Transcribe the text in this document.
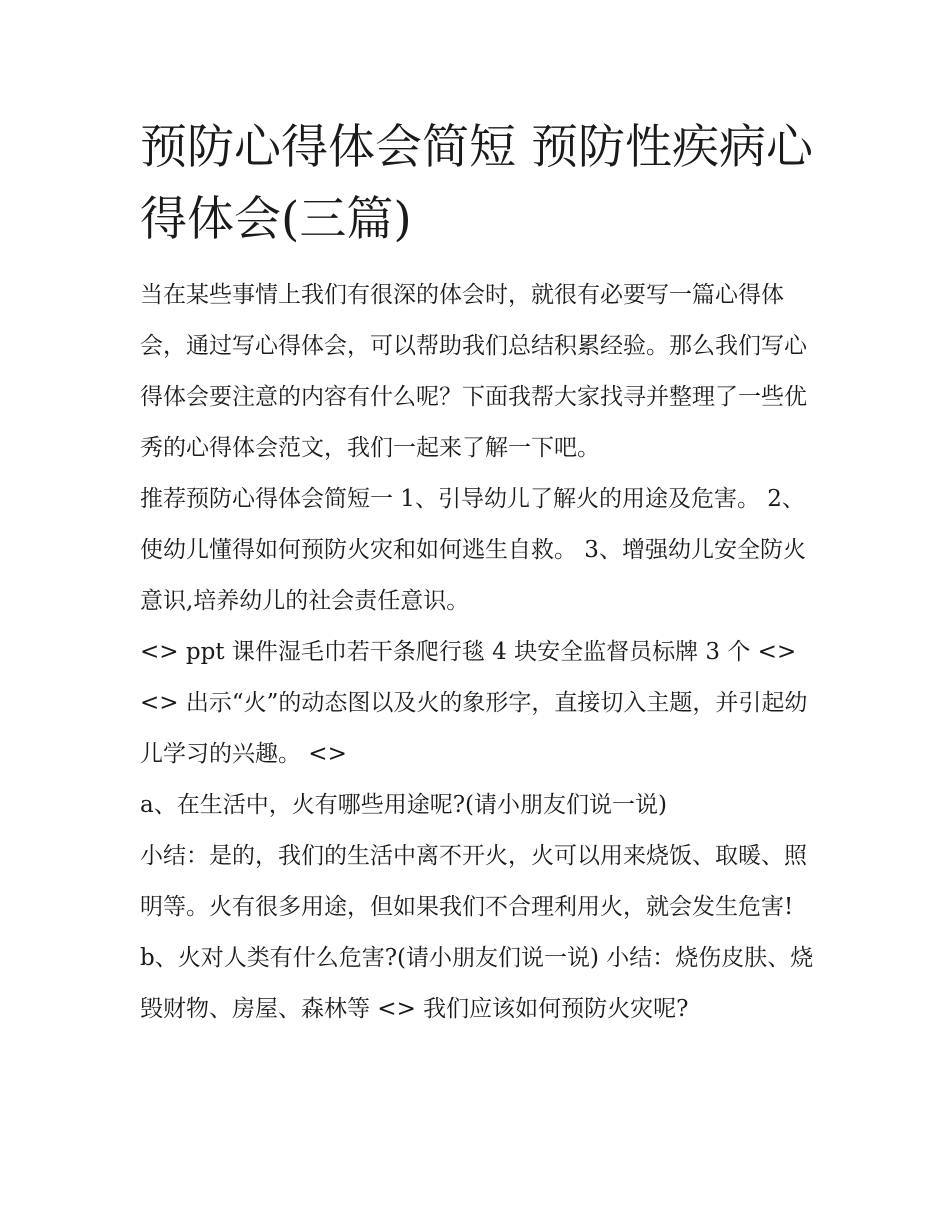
预防心得体会简短 预防性疾病心得体会(三篇)

当在某些事情上我们有很深的体会时，就很有必要写一篇心得体会，通过写心得体会，可以帮助我们总结积累经验。那么我们写心得体会要注意的内容有什么呢？下面我帮大家找寻并整理了一些优秀的心得体会范文，我们一起来了解一下吧。

推荐预防心得体会简短一 1、引导幼儿了解火的用途及危害。 2、使幼儿懂得如何预防火灾和如何逃生自救。 3、增强幼儿安全防火意识,培养幼儿的社会责任意识。

<> ppt 课件湿毛巾若干条爬行毯 4 块安全监督员标牌 3 个 <>

<> 出示“火”的动态图以及火的象形字，直接切入主题，并引起幼儿学习的兴趣。 <>

a、在生活中，火有哪些用途呢?(请小朋友们说一说)

小结：是的，我们的生活中离不开火，火可以用来烧饭、取暖、照明等。火有很多用途，但如果我们不合理利用火，就会发生危害!

b、火对人类有什么危害?(请小朋友们说一说) 小结：烧伤皮肤、烧毁财物、房屋、森林等 <> 我们应该如何预防火灾呢?
